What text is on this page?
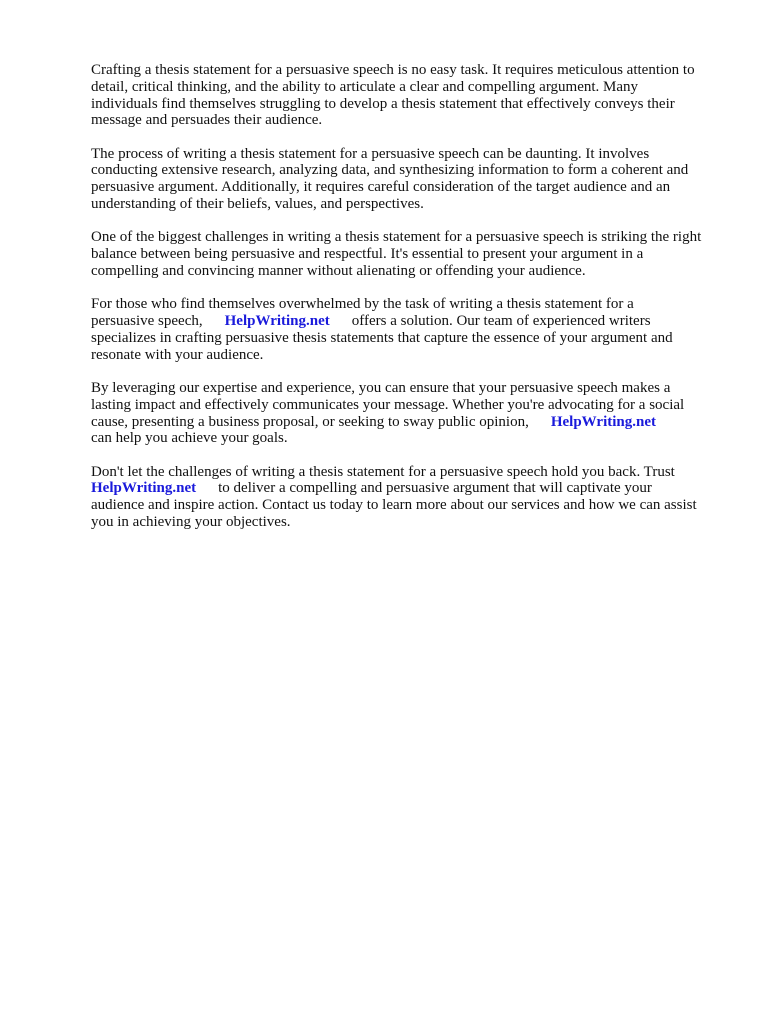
Crafting a thesis statement for a persuasive speech is no easy task. It requires meticulous attention to
detail, critical thinking, and the ability to articulate a clear and compelling argument. Many
individuals find themselves struggling to develop a thesis statement that effectively conveys their
message and persuades their audience.

The process of writing a thesis statement for a persuasive speech can be daunting. It involves
conducting extensive research, analyzing data, and synthesizing information to form a coherent and
persuasive argument. Additionally, it requires careful consideration of the target audience and an
understanding of their beliefs, values, and perspectives.

One of the biggest challenges in writing a thesis statement for a persuasive speech is striking the right
balance between being persuasive and respectful. It's essential to present your argument in a
compelling and convincing manner without alienating or offending your audience.

For those who find themselves overwhelmed by the task of writing a thesis statement for a
persuasive speech, HelpWriting.net offers a solution. Our team of experienced writers
specializes in crafting persuasive thesis statements that capture the essence of your argument and
resonate with your audience.

By leveraging our expertise and experience, you can ensure that your persuasive speech makes a
lasting impact and effectively communicates your message. Whether you're advocating for a social
cause, presenting a business proposal, or seeking to sway public opinion, HelpWriting.net
can help you achieve your goals.

Don't let the challenges of writing a thesis statement for a persuasive speech hold you back. Trust
HelpWriting.net to deliver a compelling and persuasive argument that will captivate your
audience and inspire action. Contact us today to learn more about our services and how we can assist
you in achieving your objectives.
